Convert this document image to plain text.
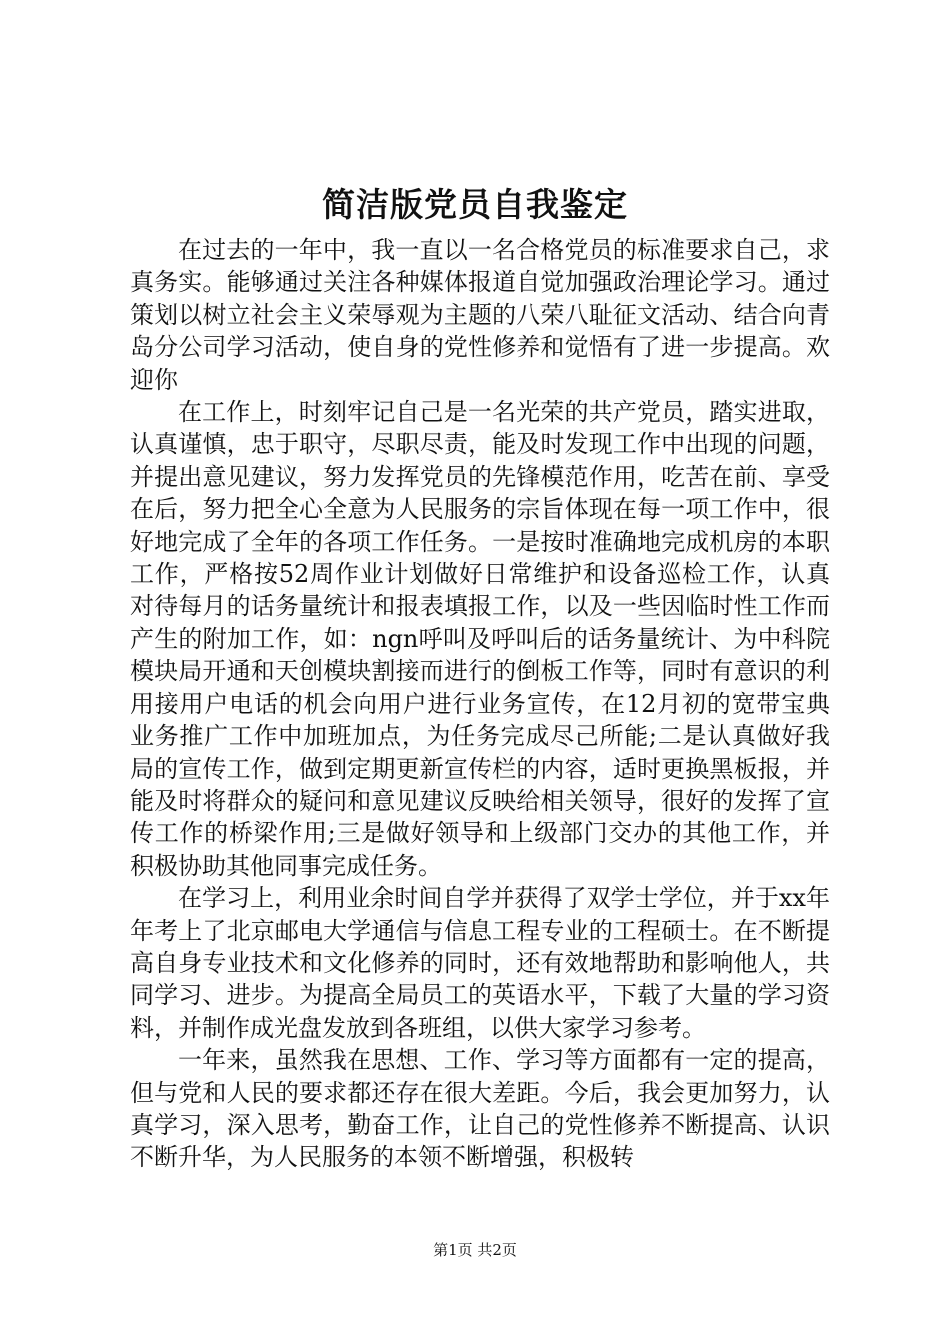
简洁版党员自我鉴定

在过去的一年中，我一直以一名合格党员的标准要求自己，求真务实。能够通过关注各种媒体报道自觉加强政治理论学习。通过策划以树立社会主义荣辱观为主题的八荣八耻征文活动、结合向青岛分公司学习活动，使自身的党性修养和觉悟有了进一步提高。欢迎你

在工作上，时刻牢记自己是一名光荣的共产党员，踏实进取，认真谨慎，忠于职守，尽职尽责，能及时发现工作中出现的问题，并提出意见建议，努力发挥党员的先锋模范作用，吃苦在前、享受在后，努力把全心全意为人民服务的宗旨体现在每一项工作中，很好地完成了全年的各项工作任务。一是按时准确地完成机房的本职工作，严格按52周作业计划做好日常维护和设备巡检工作，认真对待每月的话务量统计和报表填报工作，以及一些因临时性工作而产生的附加工作，如：ngn呼叫及呼叫后的话务量统计、为中科院模块局开通和天创模块割接而进行的倒板工作等，同时有意识的利用接用户电话的机会向用户进行业务宣传，在12月初的宽带宝典业务推广工作中加班加点，为任务完成尽己所能;二是认真做好我局的宣传工作，做到定期更新宣传栏的内容，适时更换黑板报，并能及时将群众的疑问和意见建议反映给相关领导，很好的发挥了宣传工作的桥梁作用;三是做好领导和上级部门交办的其他工作，并积极协助其他同事完成任务。

在学习上，利用业余时间自学并获得了双学士学位，并于xx年年考上了北京邮电大学通信与信息工程专业的工程硕士。在不断提高自身专业技术和文化修养的同时，还有效地帮助和影响他人，共同学习、进步。为提高全局员工的英语水平，下载了大量的学习资料，并制作成光盘发放到各班组，以供大家学习参考。

一年来，虽然我在思想、工作、学习等方面都有一定的提高，但与党和人民的要求都还存在很大差距。今后，我会更加努力，认真学习，深入思考，勤奋工作，让自己的党性修养不断提高、认识不断升华，为人民服务的本领不断增强，积极转

第1页 共2页
